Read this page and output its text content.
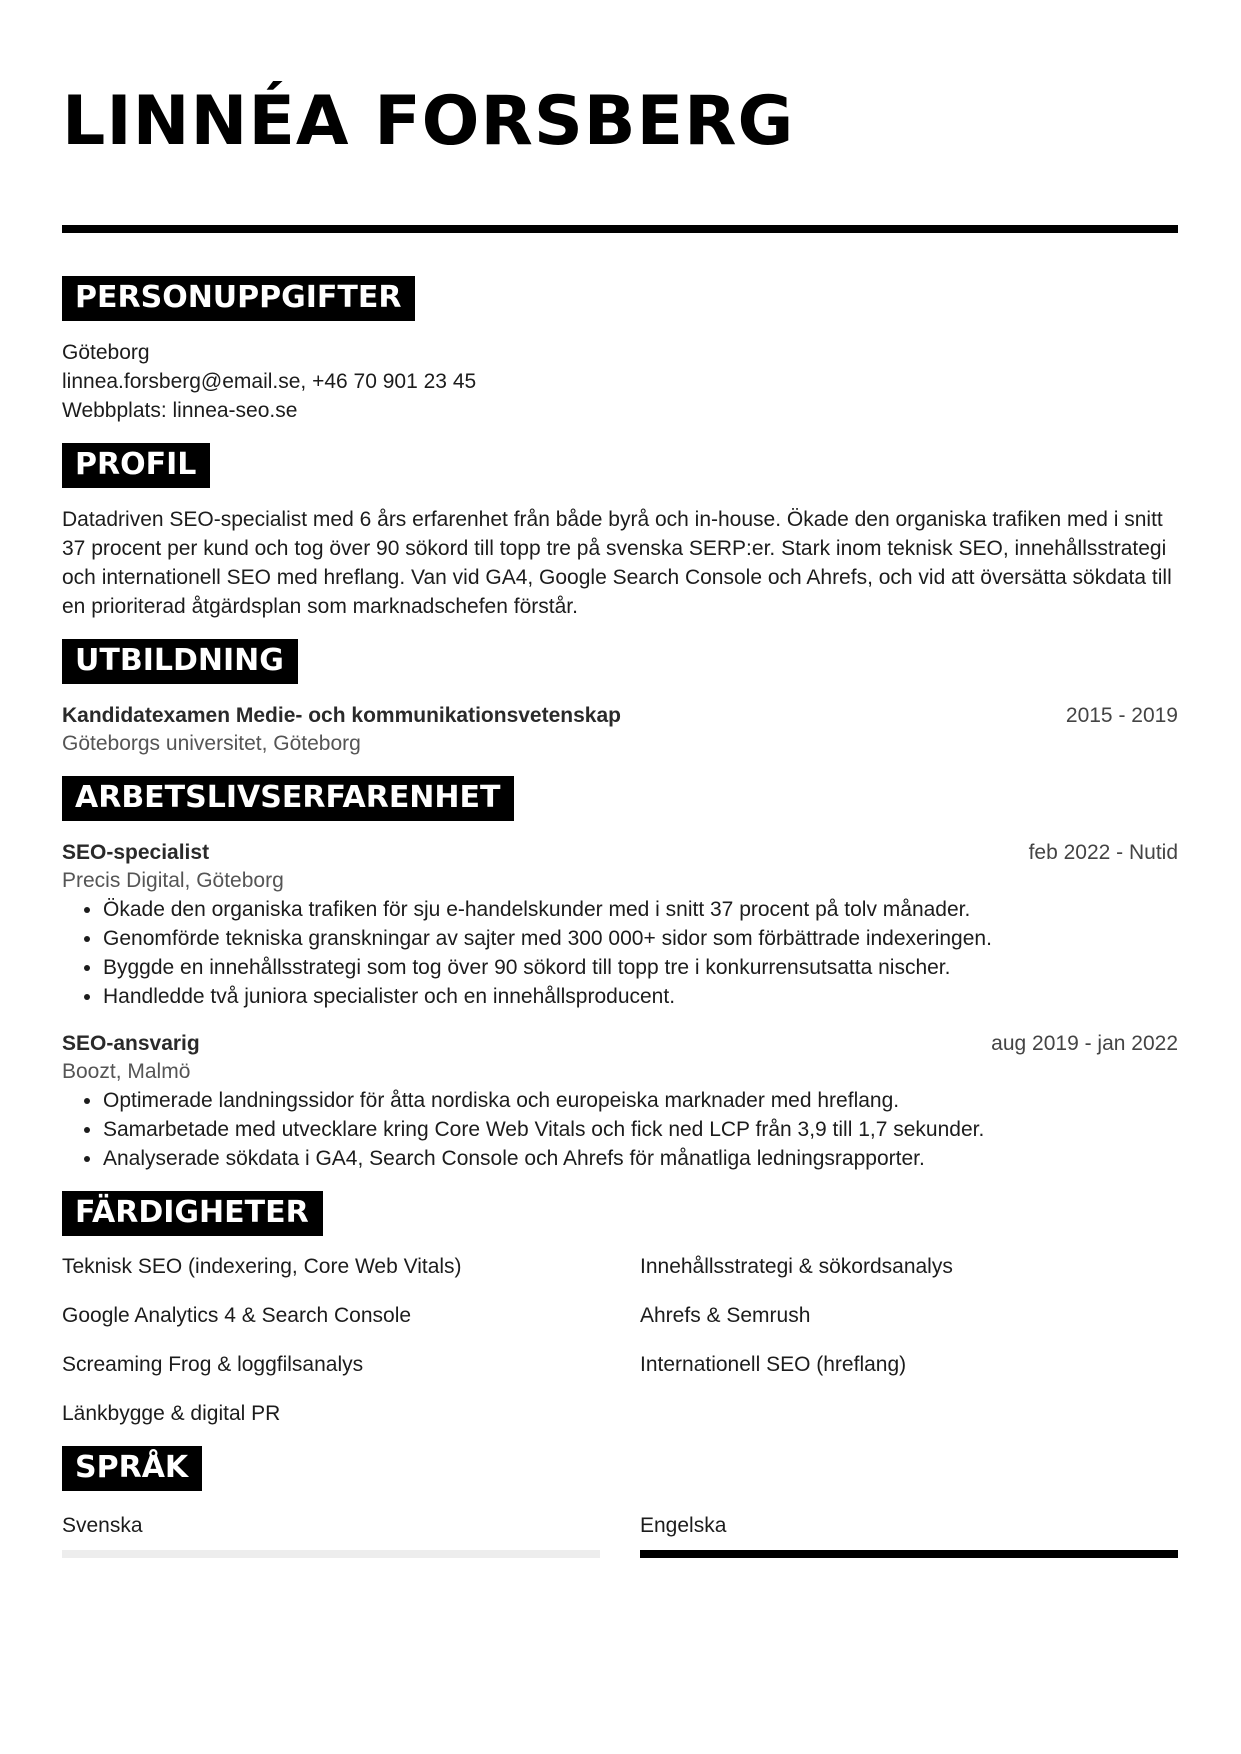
LINNÉA FORSBERG
PERSONUPPGIFTER
Göteborg
linnea.forsberg@email.se, +46 70 901 23 45
Webbplats: linnea-seo.se
PROFIL
Datadriven SEO-specialist med 6 års erfarenhet från både byrå och in-house. Ökade den organiska trafiken med i snitt 37 procent per kund och tog över 90 sökord till topp tre på svenska SERP:er. Stark inom teknisk SEO, innehållsstrategi och internationell SEO med hreflang. Van vid GA4, Google Search Console och Ahrefs, och vid att översätta sökdata till en prioriterad åtgärdsplan som marknadschefen förstår.
UTBILDNING
Kandidatexamen Medie- och kommunikationsvetenskap	2015 - 2019
Göteborgs universitet, Göteborg
ARBETSLIVSERFARENHET
SEO-specialist	feb 2022 - Nutid
Precis Digital, Göteborg
• Ökade den organiska trafiken för sju e-handelskunder med i snitt 37 procent på tolv månader.
• Genomförde tekniska granskningar av sajter med 300 000+ sidor som förbättrade indexeringen.
• Byggde en innehållsstrategi som tog över 90 sökord till topp tre i konkurrensutsatta nischer.
• Handledde två juniora specialister och en innehållsproducent.
SEO-ansvarig	aug 2019 - jan 2022
Boozt, Malmö
• Optimerade landningssidor för åtta nordiska och europeiska marknader med hreflang.
• Samarbetade med utvecklare kring Core Web Vitals och fick ned LCP från 3,9 till 1,7 sekunder.
• Analyserade sökdata i GA4, Search Console och Ahrefs för månatliga ledningsrapporter.
FÄRDIGHETER
Teknisk SEO (indexering, Core Web Vitals)	Innehållsstrategi & sökordsanalys
Google Analytics 4 & Search Console	Ahrefs & Semrush
Screaming Frog & loggfilsanalys	Internationell SEO (hreflang)
Länkbygge & digital PR
SPRÅK
Svenska	Engelska
